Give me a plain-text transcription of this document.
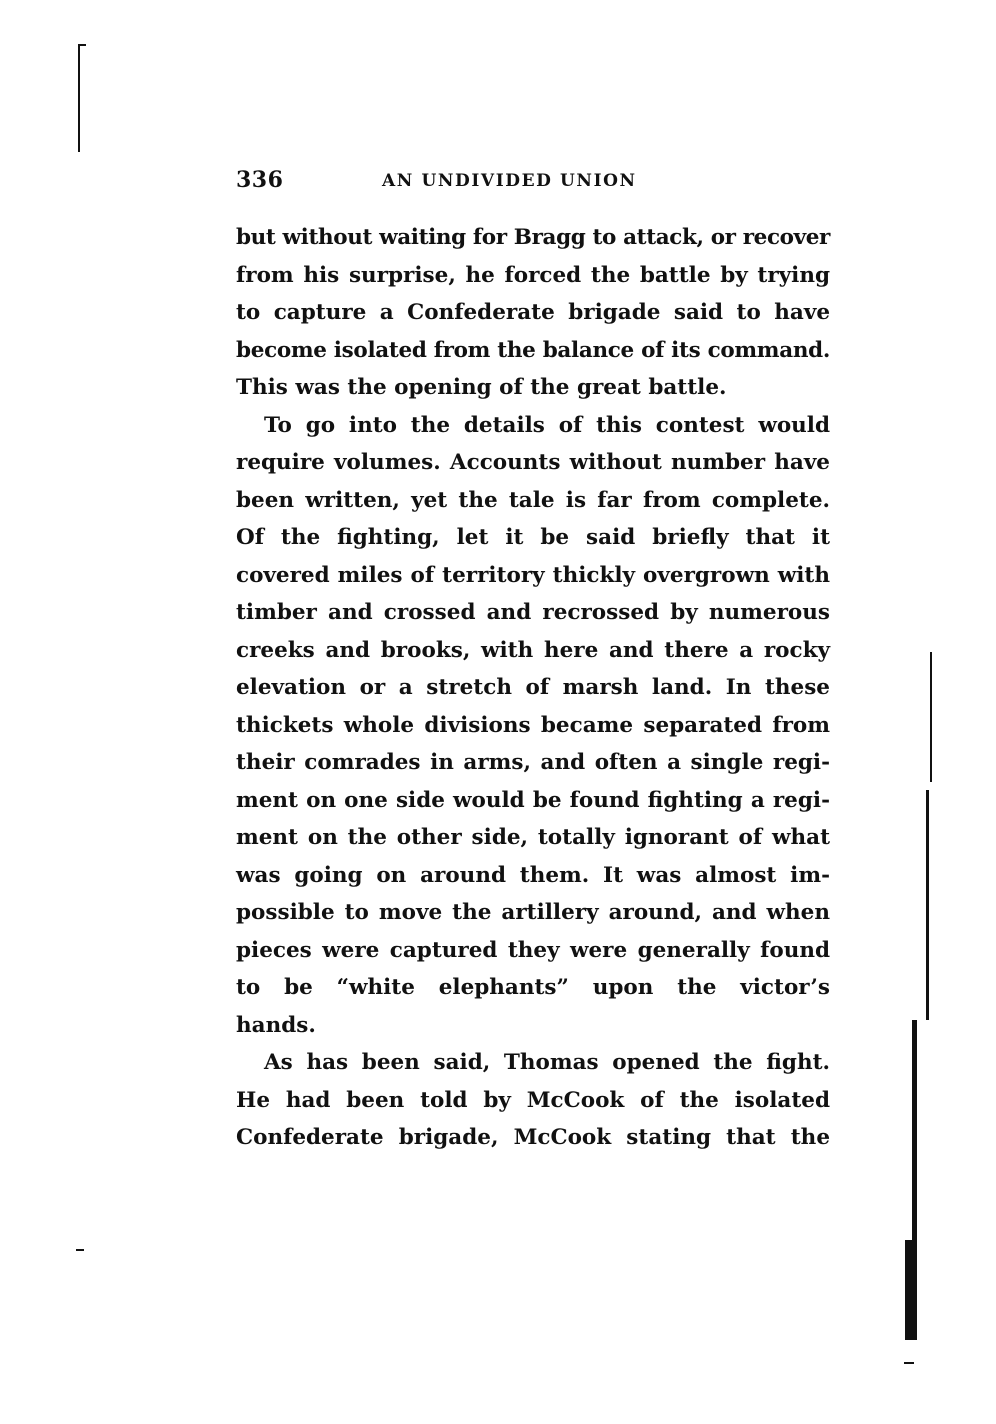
336	AN UNDIVIDED UNION
but without waiting for Bragg to attack, or recover
from his surprise, he forced the battle by trying
to capture a Confederate brigade said to have
become isolated from the balance of its command.
This was the opening of the great battle.
To go into the details of this contest would
require volumes. Accounts without number have
been written, yet the tale is far from complete.
Of the fighting, let it be said briefly that it
covered miles of territory thickly overgrown with
timber and crossed and recrossed by numerous
creeks and brooks, with here and there a rocky
elevation or a stretch of marsh land. In these
thickets whole divisions became separated from
their comrades in arms, and often a single regi-
ment on one side would be found fighting a regi-
ment on the other side, totally ignorant of what
was going on around them. It was almost im-
possible to move the artillery around, and when
pieces were captured they were generally found
to be “white elephants” upon the victor’s
hands.
As has been said, Thomas opened the fight.
He had been told by McCook of the isolated
Confederate brigade, McCook stating that the
